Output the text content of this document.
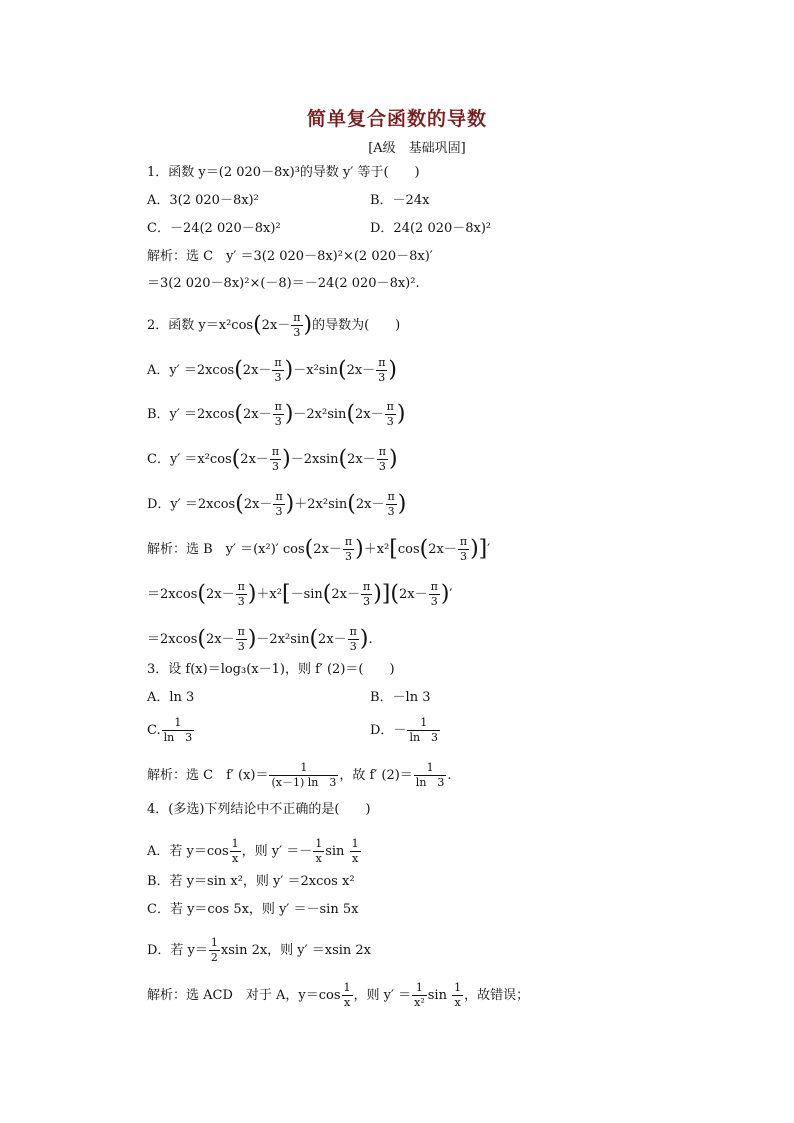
简单复合函数的导数
[A级　基础巩固]
1．函数 y＝(2 020－8x)³的导数 y′ 等于(　　)
A．3(2 020－8x)²	B．－24x
C．－24(2 020－8x)²	D．24(2 020－8x)²
解析：选 C　y′ ＝3(2 020－8x)²×(2 020－8x)′
＝3(2 020－8x)²×(－8)＝－24(2 020－8x)².
2．函数 $y=x^2\cos(2x- \frac{\pi}{3}$ )的导数为(　　)
A．$y' =2xcos(2x- \frac{\pi}{3} )-x^2\sin(2x- \frac{\pi}{3}$ )
B．$y' =2xcos(2x- \frac{\pi}{3} )-2x^2\sin(2x- \frac{\pi}{3}$ )
C．$y' =x^2\cos(2x- \frac{\pi}{3} )-2xsin(2x- \frac{\pi}{3}$ )
D．$y' =2xcos(2x- \frac{\pi}{3} )+2x^2\sin(2x- \frac{\pi}{3}$ )
解析：选 B　y′ ＝(x²)′ $\cos(2x- \frac{\pi}{3} )+x^2[\cos(2x- \frac{\pi}{3}$ )]′
$=2xcos(2x- \frac{\pi}{3} )+x^2[-\sin(2x- \frac{\pi}{3} )](2x- \frac{\pi}{3}$ )′
$=2xcos(2x- \frac{\pi}{3} )-2x^2\sin(2x- \frac{\pi}{3}$ ).
3．设 f(x)＝log₃(x－1)，则 f′ (2)＝(　　)
A．ln 3	B．－ln 3
C. $\frac{1}{\ln 3}$	D．－ $\frac{1}{\ln 3}$
解析：选 C　f′ $(x)= \frac{1}{(x-1) \ln 3}$ ，故 f′ $(2)= \frac{1}{\ln 3}$ .
4．(多选)下列结论中不正确的是(　　)
A．若 $y=\cos \frac{1}{x}$ ，则 $y' =- \frac{1}{x}$ $\sin \frac{1}{x}$
B．若 y＝sin x²，则 y′ ＝2xcos x²
C．若 y＝cos 5x，则 y′ ＝－sin 5x
D．若 $y= \frac{1}{2}$ xsin 2x，则 y′ ＝xsin 2x
解析：选 ACD　对于 A，$y=\cos \frac{1}{x}$ ，则 $y' = \frac{1}{\text{x²}}$ $\sin \frac{1}{x}$ ，故错误；
